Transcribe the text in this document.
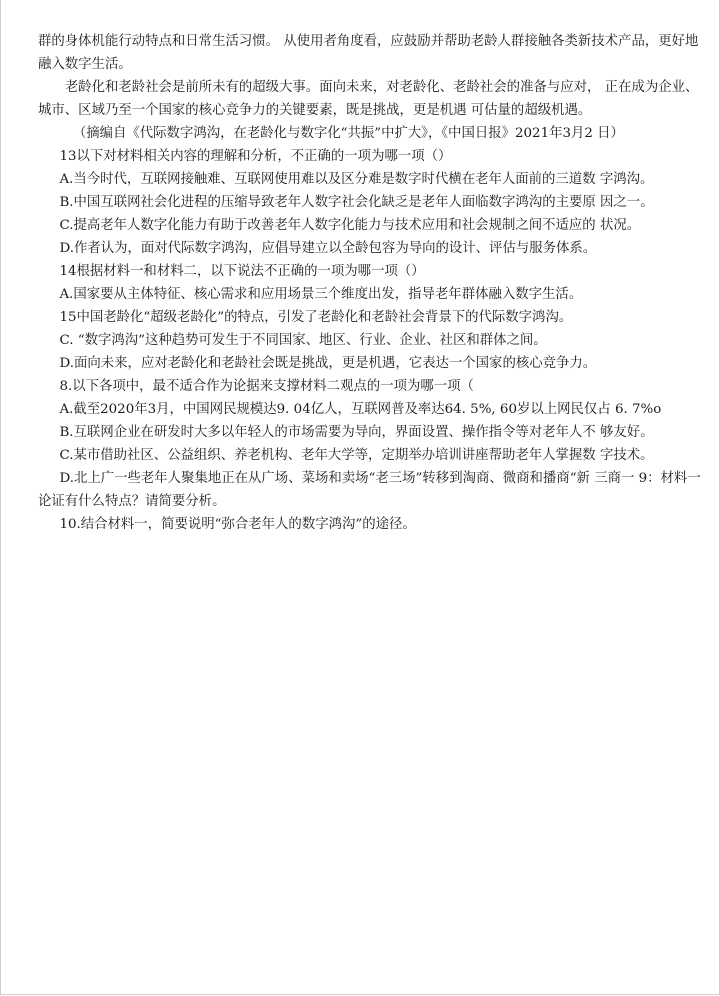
群的身体机能行动特点和日常生活习惯。 从使用者角度看，应鼓励并帮助老龄人群接触各类新技术产品，更好地融入数字生活。

老龄化和老龄社会是前所未有的超级大事。面向未来，对老龄化、老龄社会的准备与应对， 正在成为企业、城市、区域乃至一个国家的核心竞争力的关键要素，既是挑战，更是机遇 可估量的超级机遇。

（摘编自《代际数字鸿沟，在老龄化与数字化“共振”中扩大》，《中国日报》2021年3月2 日）

13以下对材料相关内容的理解和分析，不正确的一项为哪一项（）

A.当今时代，互联网接触难、互联网使用难以及区分难是数字时代横在老年人面前的三道数 字鸿沟。

B.中国互联网社会化进程的压缩导致老年人数字社会化缺乏是老年人面临数字鸿沟的主要原 因之一。

C.提高老年人数字化能力有助于改善老年人数字化能力与技术应用和社会规制之间不适应的 状况。

D.作者认为，面对代际数字鸿沟，应倡导建立以全龄包容为导向的设计、评估与服务体系。

14根据材料一和材料二，以下说法不正确的一项为哪一项（）

A.国家要从主体特征、核心需求和应用场景三个维度出发，指导老年群体融入数字生活。

15中国老龄化“超级老龄化”的特点，引发了老龄化和老龄社会背景下的代际数字鸿沟。

C. “数字鸿沟”这种趋势可发生于不同国家、地区、行业、企业、社区和群体之间。

D.面向未来，应对老龄化和老龄社会既是挑战，更是机遇，它表达一个国家的核心竞争力。

8.以下各项中，最不适合作为论据来支撑材料二观点的一项为哪一项（

A.截至2020年3月，中国网民规模达9. 04亿人，互联网普及率达64. 5%, 60岁以上网民仅占 6. 7%o

B.互联网企业在研发时大多以年轻人的市场需要为导向，界面设置、操作指令等对老年人不 够友好。

C.某市借助社区、公益组织、养老机构、老年大学等，定期举办培训讲座帮助老年人掌握数 字技术。

D.北上广一些老年人聚集地正在从广场、菜场和卖场“老三场”转移到淘商、微商和播商“新 三商一 9：材料一论证有什么特点？请简要分析。

10.结合材料一，简要说明“弥合老年人的数字鸿沟”的途径。
